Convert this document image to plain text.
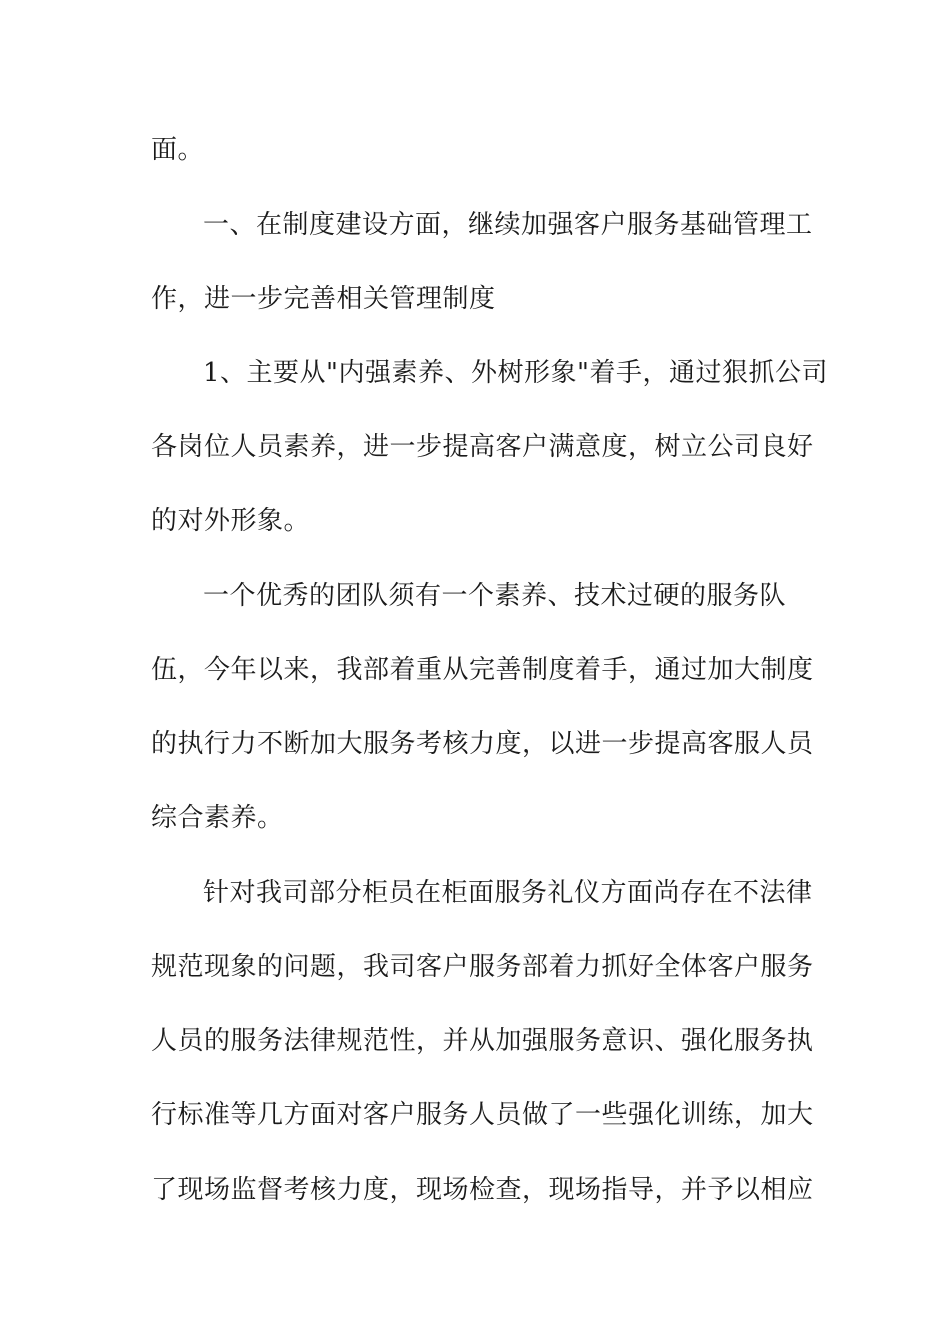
面。

一、在制度建设方面，继续加强客户服务基础管理工

作，进一步完善相关管理制度

1、主要从"内强素养、外树形象"着手，通过狠抓公司

各岗位人员素养，进一步提高客户满意度，树立公司良好

的对外形象。

一个优秀的团队须有一个素养、技术过硬的服务队

伍，今年以来，我部着重从完善制度着手，通过加大制度

的执行力不断加大服务考核力度，以进一步提高客服人员

综合素养。

针对我司部分柜员在柜面服务礼仪方面尚存在不法律

规范现象的问题，我司客户服务部着力抓好全体客户服务

人员的服务法律规范性，并从加强服务意识、强化服务执

行标准等几方面对客户服务人员做了一些强化训练，加大

了现场监督考核力度，现场检查，现场指导，并予以相应
